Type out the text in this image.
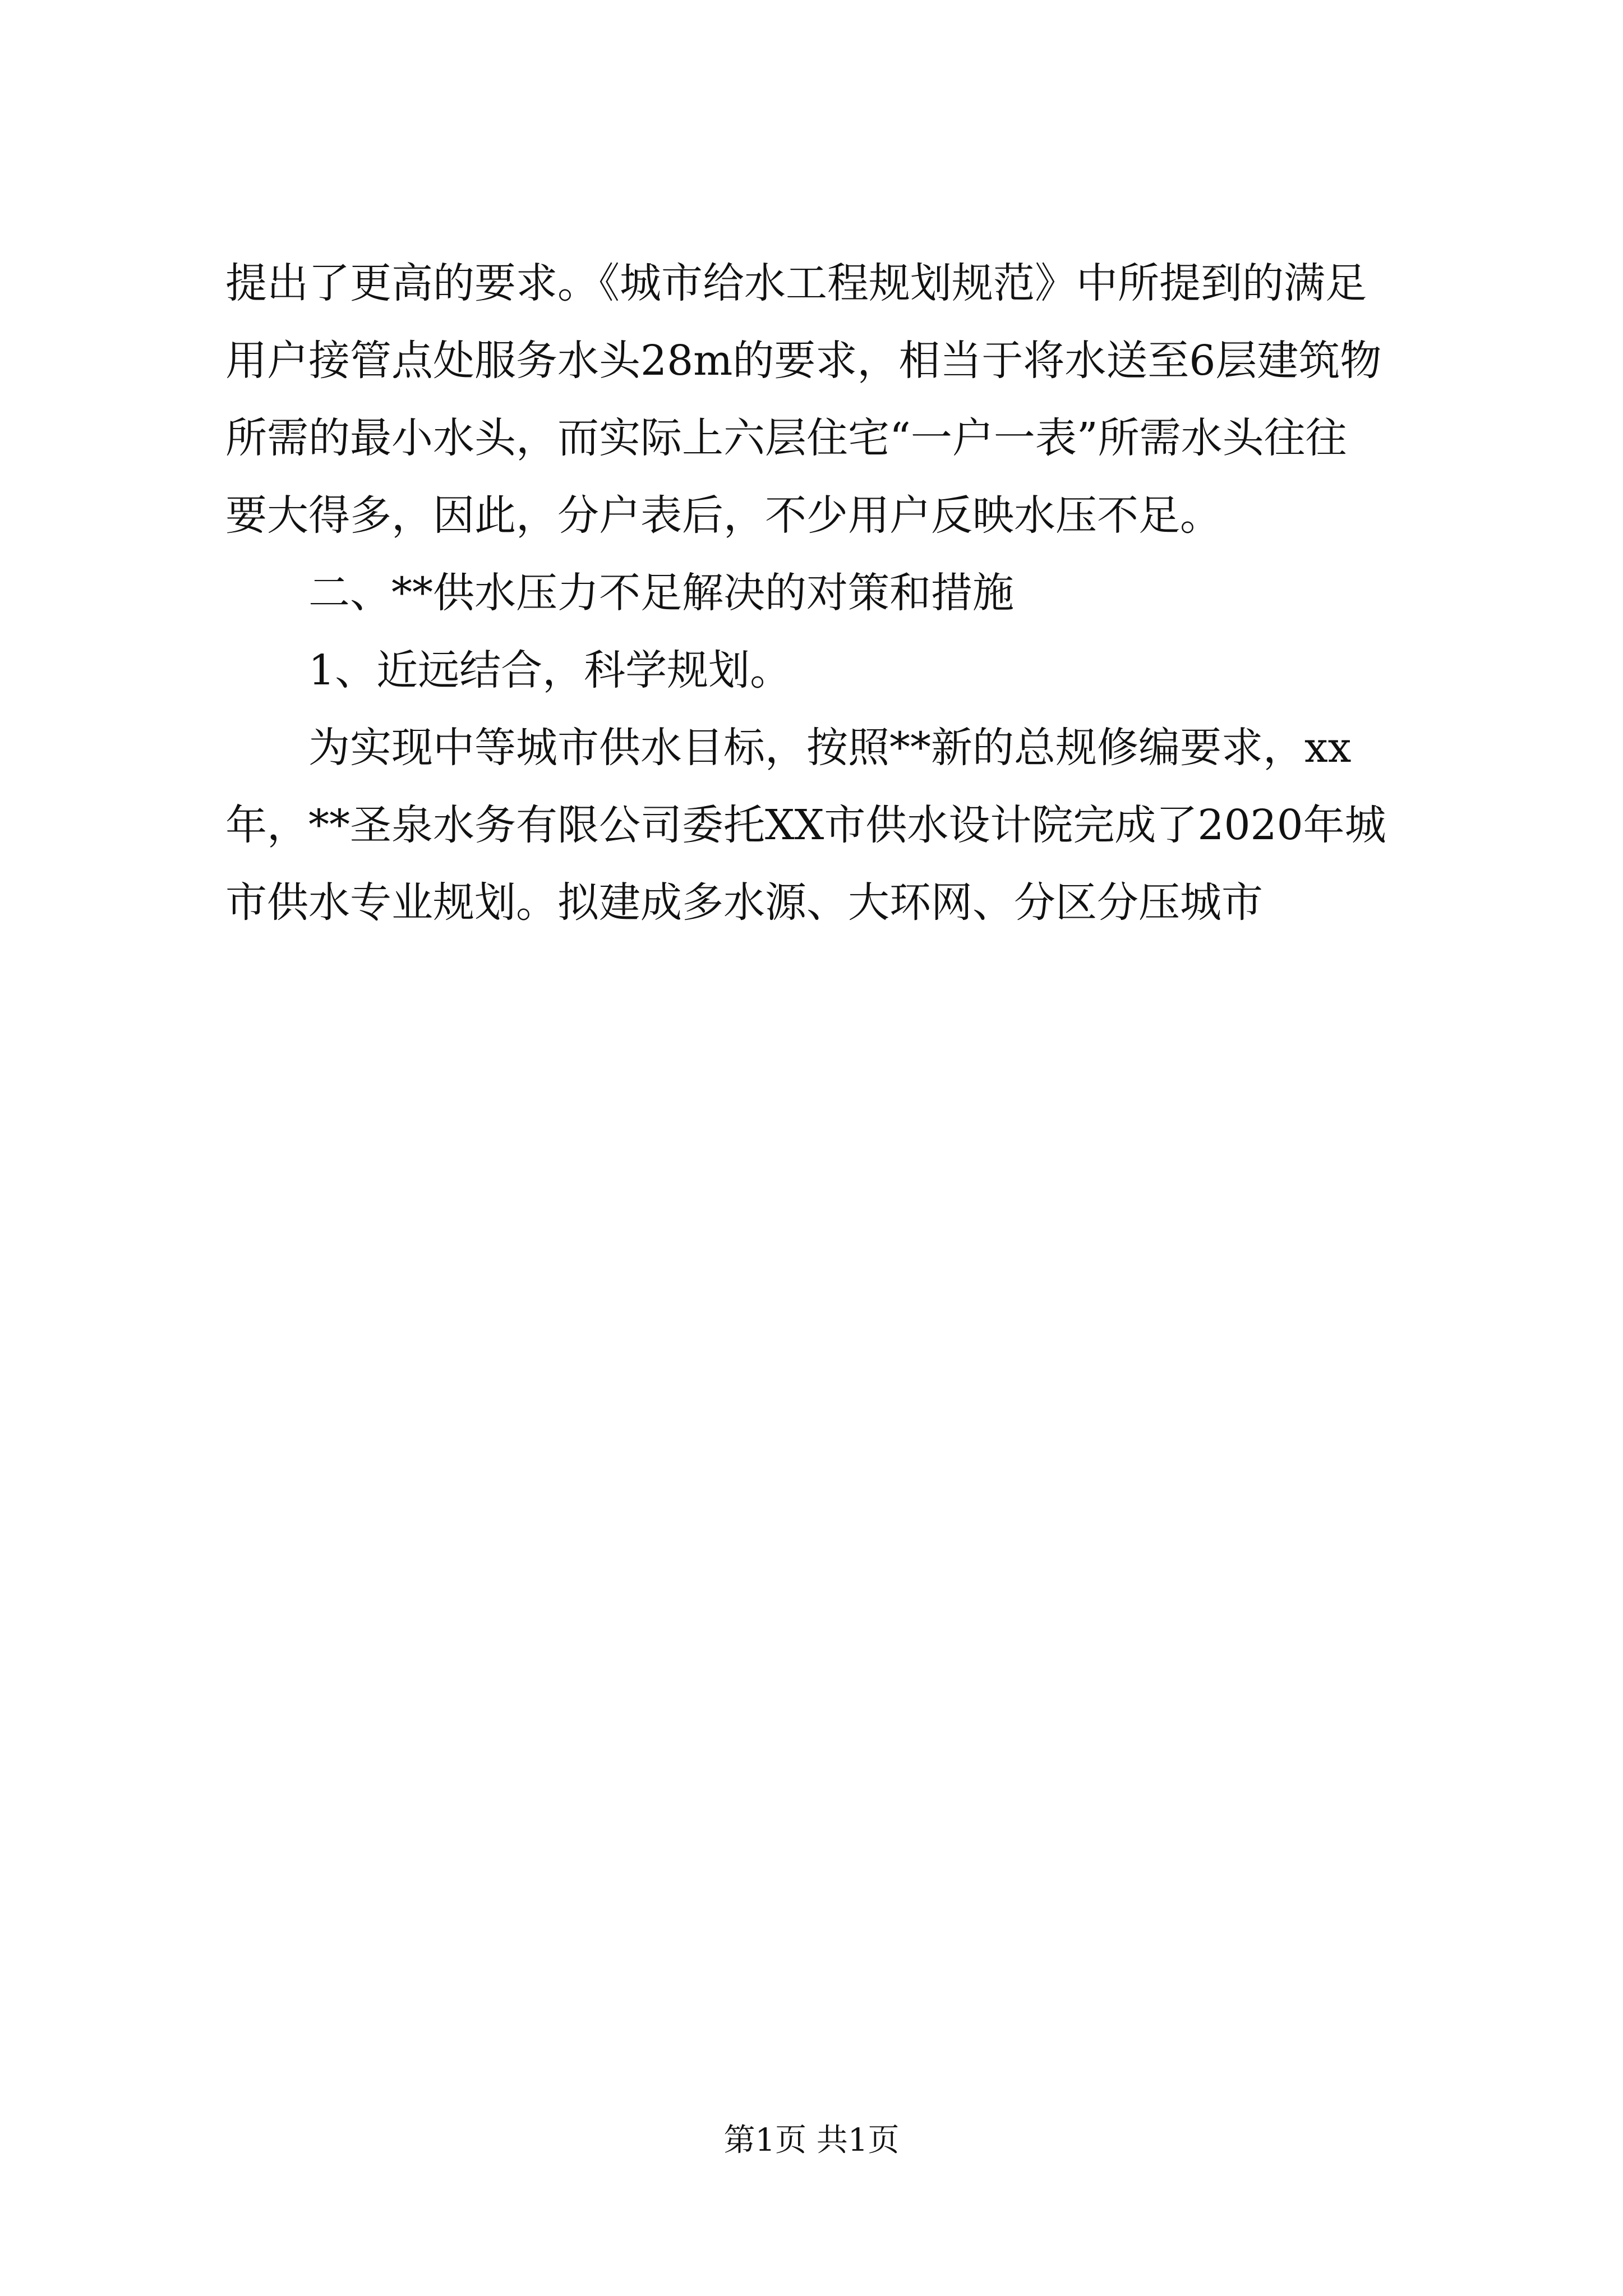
提出了更高的要求。《城市给水工程规划规范》中所提到的满足
用户接管点处服务水头28m的要求，相当于将水送至6层建筑物
所需的最小水头，而实际上六层住宅“一户一表”所需水头往往
要大得多，因此，分户表后，不少用户反映水压不足。
二、**供水压力不足解决的对策和措施
1、近远结合，科学规划。
为实现中等城市供水目标，按照**新的总规修编要求，xx
年，**圣泉水务有限公司委托XX市供水设计院完成了2020年城
市供水专业规划。拟建成多水源、大环网、分区分压城市
第1页 共1页
